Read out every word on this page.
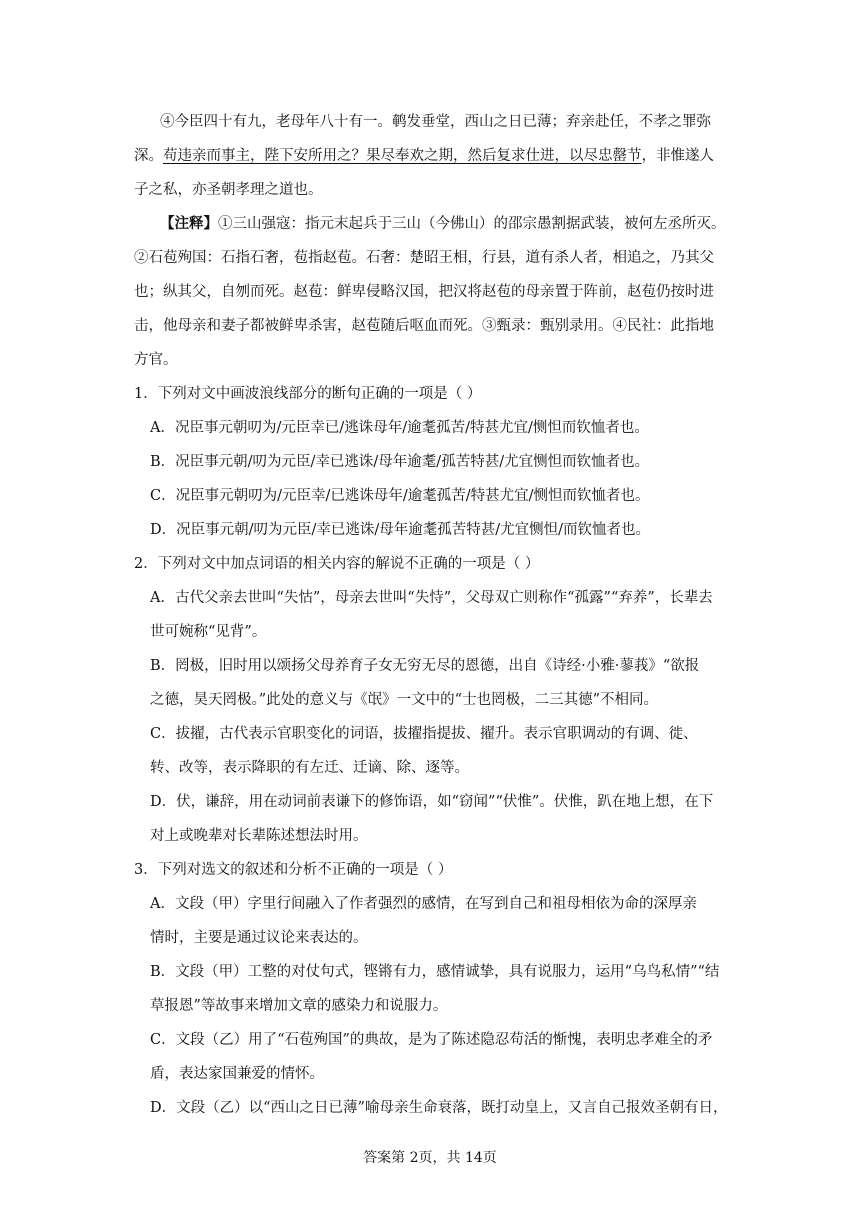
④今臣四十有九，老母年八十有一。鹌发垂堂，西山之日已薄；弃亲赴任，不孝之罪弥
深。苟违亲而事主，陛下安所用之？果尽奉欢之期，然后复求仕进，以尽忠罄节，非惟遂人
子之私，亦圣朝孝理之道也。
【注释】①三山强寇：指元末起兵于三山（今佛山）的邵宗愚割据武装，被何左丞所灭。
②石苞殉国：石指石奢，苞指赵苞。石奢：楚昭王相，行县，道有杀人者，相追之，乃其父
也；纵其父，自刎而死。赵苞：鲜卑侵略汉国，把汉将赵苞的母亲置于阵前，赵苞仍按时进
击，他母亲和妻子都被鲜卑杀害，赵苞随后呕血而死。③甄录：甄别录用。④民社：此指地
方官。
1．下列对文中画波浪线部分的断句正确的一项是（ ）
A．况臣事元朝叨为/元臣幸已/逃诛母年/逾耄孤苦/特甚尤宜/恻怛而钦恤者也。
B．况臣事元朝/叨为元臣/幸已逃诛/母年逾耄/孤苦特甚/尤宜恻怛而钦恤者也。
C．况臣事元朝叨为/元臣幸/已逃诛母年/逾耄孤苦/特甚尤宜/恻怛而钦恤者也。
D．况臣事元朝/叨为元臣/幸已逃诛/母年逾耄孤苦特甚/尤宜恻怛/而钦恤者也。
2．下列对文中加点词语的相关内容的解说不正确的一项是（ ）
A．古代父亲去世叫“失怙”，母亲去世叫“失恃”，父母双亡则称作“孤露”“弃养”，长辈去
世可婉称“见背”。
B．罔极，旧时用以颂扬父母养育子女无穷无尽的恩德，出自《诗经·小雅·蓼莪》“欲报
之德，昊天罔极。”此处的意义与《氓》一文中的“士也罔极，二三其德”不相同。
C．拔擢，古代表示官职变化的词语，拔擢指提拔、擢升。表示官职调动的有调、徙、
转、改等，表示降职的有左迁、迁谪、除、逐等。
D．伏，谦辞，用在动词前表谦下的修饰语，如“窃闻”“伏惟”。伏惟，趴在地上想，在下
对上或晚辈对长辈陈述想法时用。
3．下列对选文的叙述和分析不正确的一项是（ ）
A．文段（甲）字里行间融入了作者强烈的感情，在写到自己和祖母相依为命的深厚亲
情时，主要是通过议论来表达的。
B．文段（甲）工整的对仗句式，铿锵有力，感情诚挚，具有说服力，运用“乌鸟私情”“结
草报恩”等故事来增加文章的感染力和说服力。
C．文段（乙）用了“石苞殉国”的典故，是为了陈述隐忍苟活的惭愧，表明忠孝难全的矛
盾，表达家国兼爱的情怀。
D．文段（乙）以“西山之日已薄”喻母亲生命衰落，既打动皇上，又言自己报效圣朝有日，
答案第 2页，共 14页
